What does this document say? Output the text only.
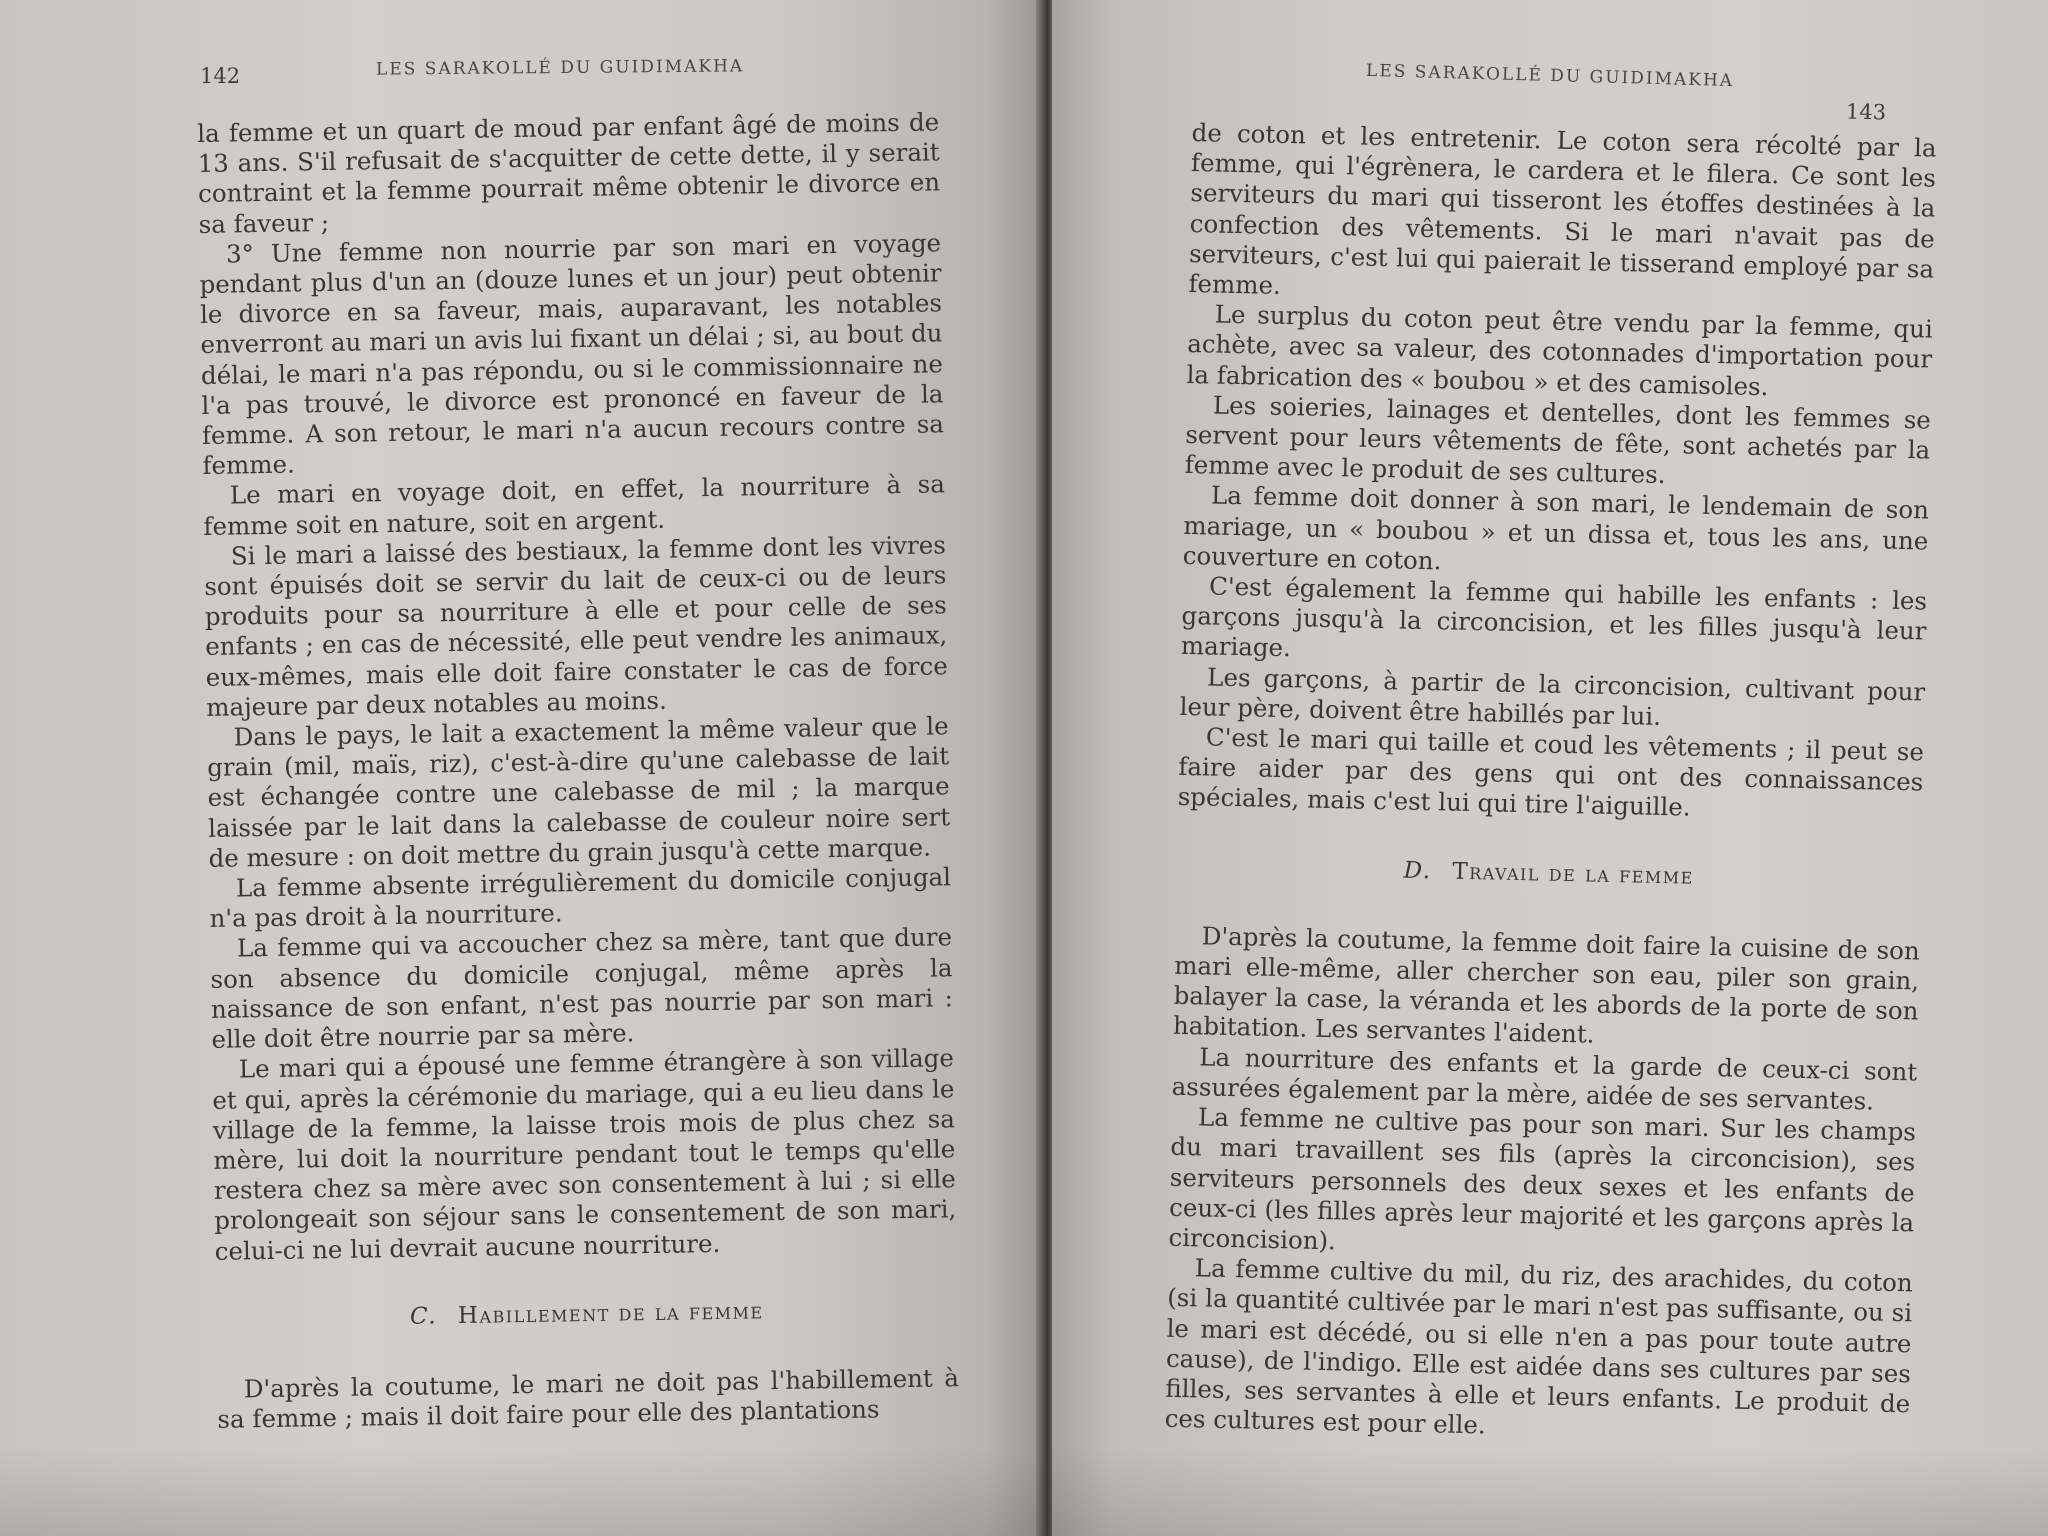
142	LES SARAKOLLÉ DU GUIDIMAKHA

la femme et un quart de moud par enfant âgé de moins de 13 ans. S'il refusait de s'acquitter de cette dette, il y serait contraint et la femme pourrait même obtenir le divorce en sa faveur ;

3° Une femme non nourrie par son mari en voyage pendant plus d'un an (douze lunes et un jour) peut obtenir le divorce en sa faveur, mais, auparavant, les notables enverront au mari un avis lui fixant un délai ; si, au bout du délai, le mari n'a pas répondu, ou si le commissionnaire ne l'a pas trouvé, le divorce est prononcé en faveur de la femme. A son retour, le mari n'a aucun recours contre sa femme.

Le mari en voyage doit, en effet, la nourriture à sa femme soit en nature, soit en argent.

Si le mari a laissé des bestiaux, la femme dont les vivres sont épuisés doit se servir du lait de ceux-ci ou de leurs produits pour sa nourriture à elle et pour celle de ses enfants ; en cas de nécessité, elle peut vendre les animaux, eux-mêmes, mais elle doit faire constater le cas de force majeure par deux notables au moins.

Dans le pays, le lait a exactement la même valeur que le grain (mil, maïs, riz), c'est-à-dire qu'une calebasse de lait est échangée contre une calebasse de mil ; la marque laissée par le lait dans la calebasse de couleur noire sert de mesure : on doit mettre du grain jusqu'à cette marque.

La femme absente irrégulièrement du domicile conjugal n'a pas droit à la nourriture.

La femme qui va accoucher chez sa mère, tant que dure son absence du domicile conjugal, même après la naissance de son enfant, n'est pas nourrie par son mari : elle doit être nourrie par sa mère.

Le mari qui a épousé une femme étrangère à son village et qui, après la cérémonie du mariage, qui a eu lieu dans le village de la femme, la laisse trois mois de plus chez sa mère, lui doit la nourriture pendant tout le temps qu'elle restera chez sa mère avec son consentement à lui ; si elle prolongeait son séjour sans le consentement de son mari, celui-ci ne lui devrait aucune nourriture.

C. Habillement de la femme

D'après la coutume, le mari ne doit pas l'habillement à sa femme ; mais il doit faire pour elle des plantations

LES SARAKOLLÉ DU GUIDIMAKHA
143

de coton et les entretenir. Le coton sera récolté par la femme, qui l'égrènera, le cardera et le filera. Ce sont les serviteurs du mari qui tisseront les étoffes destinées à la confection des vêtements. Si le mari n'avait pas de serviteurs, c'est lui qui paierait le tisserand employé par sa femme.

Le surplus du coton peut être vendu par la femme, qui achète, avec sa valeur, des cotonnades d'importation pour la fabrication des « boubou » et des camisoles.

Les soieries, lainages et dentelles, dont les femmes se servent pour leurs vêtements de fête, sont achetés par la femme avec le produit de ses cultures.

La femme doit donner à son mari, le lendemain de son mariage, un « boubou » et un dissa et, tous les ans, une couverture en coton.

C'est également la femme qui habille les enfants : les garçons jusqu'à la circoncision, et les filles jusqu'à leur mariage.

Les garçons, à partir de la circoncision, cultivant pour leur père, doivent être habillés par lui.

C'est le mari qui taille et coud les vêtements ; il peut se faire aider par des gens qui ont des connaissances spéciales, mais c'est lui qui tire l'aiguille.

D. Travail de la femme

D'après la coutume, la femme doit faire la cuisine de son mari elle-même, aller chercher son eau, piler son grain, balayer la case, la véranda et les abords de la porte de son habitation. Les servantes l'aident.

La nourriture des enfants et la garde de ceux-ci sont assurées également par la mère, aidée de ses servantes.

La femme ne cultive pas pour son mari. Sur les champs du mari travaillent ses fils (après la circoncision), ses serviteurs personnels des deux sexes et les enfants de ceux-ci (les filles après leur majorité et les garçons après la circoncision).

La femme cultive du mil, du riz, des arachides, du coton (si la quantité cultivée par le mari n'est pas suffisante, ou si le mari est décédé, ou si elle n'en a pas pour toute autre cause), de l'indigo. Elle est aidée dans ses cultures par ses filles, ses servantes à elle et leurs enfants. Le produit de ces cultures est pour elle.
